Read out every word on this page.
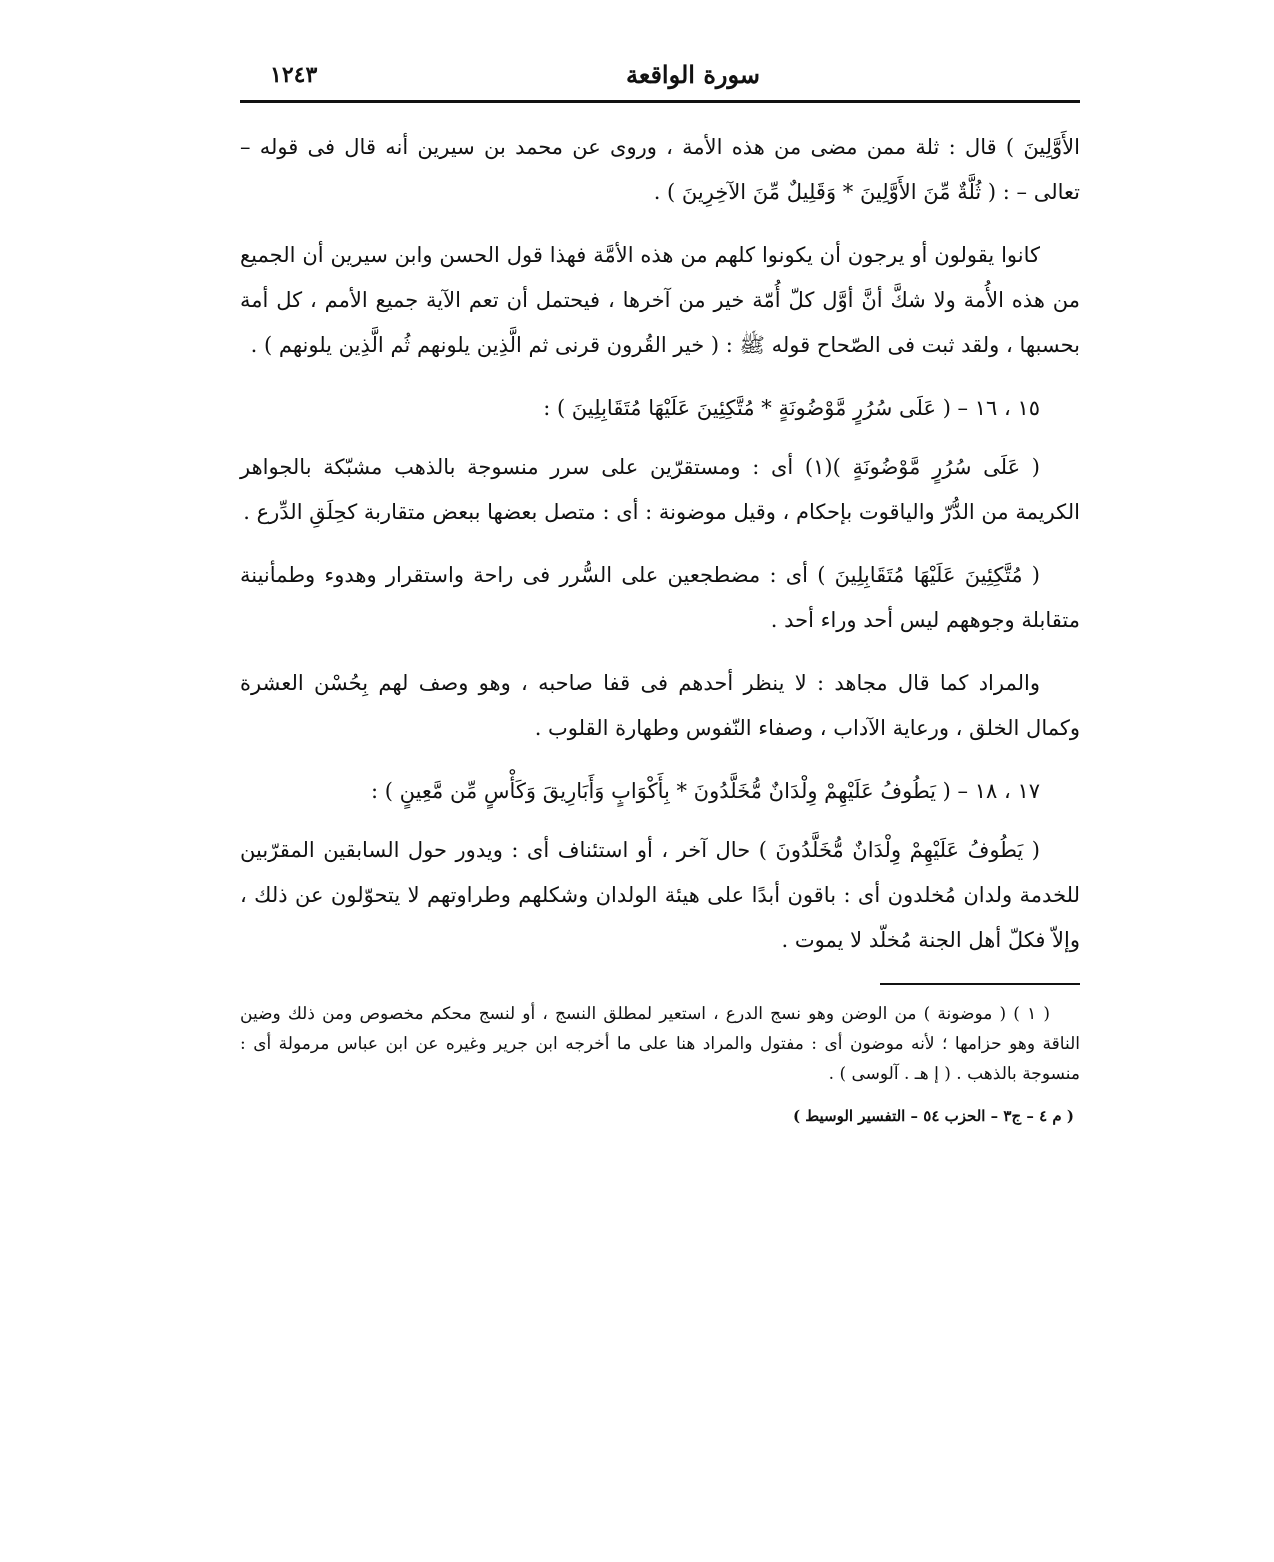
سورة الواقعة
١٢٤٣

الأَوَّلِينَ ) قال : ثلة ممن مضى من هذه الأمة ، وروى عن محمد بن سيرين أنه قال فى قوله – تعالى – : ( ثُلَّةٌ مِّنَ الأَوَّلِينَ * وَقَلِيلٌ مِّنَ الآخِرِينَ ) .

كانوا يقولون أو يرجون أن يكونوا كلهم من هذه الأمَّة فهذا قول الحسن وابن سيرين أن الجميع من هذه الأُمة ولا شكَّ أنَّ أوَّل كلّ أُمّة خير من آخرها ، فيحتمل أن تعم الآية جميع الأمم ، كل أمة بحسبها ، ولقد ثبت فى الصّحاح قوله ﷺ : ( خير القُرون قرنى ثم الَّذِين يلونهم ثُم الَّذِين يلونهم ) .

١٥ ، ١٦ – ( عَلَى سُرُرٍ مَّوْضُونَةٍ * مُتَّكِئِينَ عَلَيْهَا مُتَقَابِلِينَ ) :

( عَلَى سُرُرٍ مَّوْضُونَةٍ )(١) أى : ومستقرّين على سرر منسوجة بالذهب مشبّكة بالجواهر الكريمة من الدُّرّ والياقوت بإحكام ، وقيل موضونة : أى : متصل بعضها ببعض متقاربة كحِلَقِ الدِّرع .

( مُتَّكِئِينَ عَلَيْهَا مُتَقَابِلِينَ ) أى : مضطجعين على السُّرر فى راحة واستقرار وهدوء وطمأنينة متقابلة وجوههم ليس أحد وراء أحد .

والمراد كما قال مجاهد : لا ينظر أحدهم فى قفا صاحبه ، وهو وصف لهم بِحُسْن العشرة وكمال الخلق ، ورعاية الآداب ، وصفاء النّفوس وطهارة القلوب .

١٧ ، ١٨ – ( يَطُوفُ عَلَيْهِمْ وِلْدَانٌ مُّخَلَّدُونَ * بِأَكْوَابٍ وَأَبَارِيقَ وَكَأْسٍ مِّن مَّعِينٍ ) :

( يَطُوفُ عَلَيْهِمْ وِلْدَانٌ مُّخَلَّدُونَ ) حال آخر ، أو استئناف أى : ويدور حول السابقين المقرّبين للخدمة ولدان مُخلدون أى : باقون أبدًا على هيئة الولدان وشكلهم وطراوتهم لا يتحوّلون عن ذلك ، وإلاّ فكلّ أهل الجنة مُخلّد لا يموت .

( ١ ) ( موضونة ) من الوضن وهو نسج الدرع ، استعير لمطلق النسج ، أو لنسج محكم مخصوص ومن ذلك وضين الناقة وهو حزامها ؛ لأنه موضون أى : مفتول والمراد هنا على ما أخرجه ابن جرير وغيره عن ابن عباس مرمولة أى : منسوجة بالذهب . ( إ هـ . آلوسى ) .

( م ٤ – ج٣ – الحزب ٥٤ – التفسير الوسيط )
